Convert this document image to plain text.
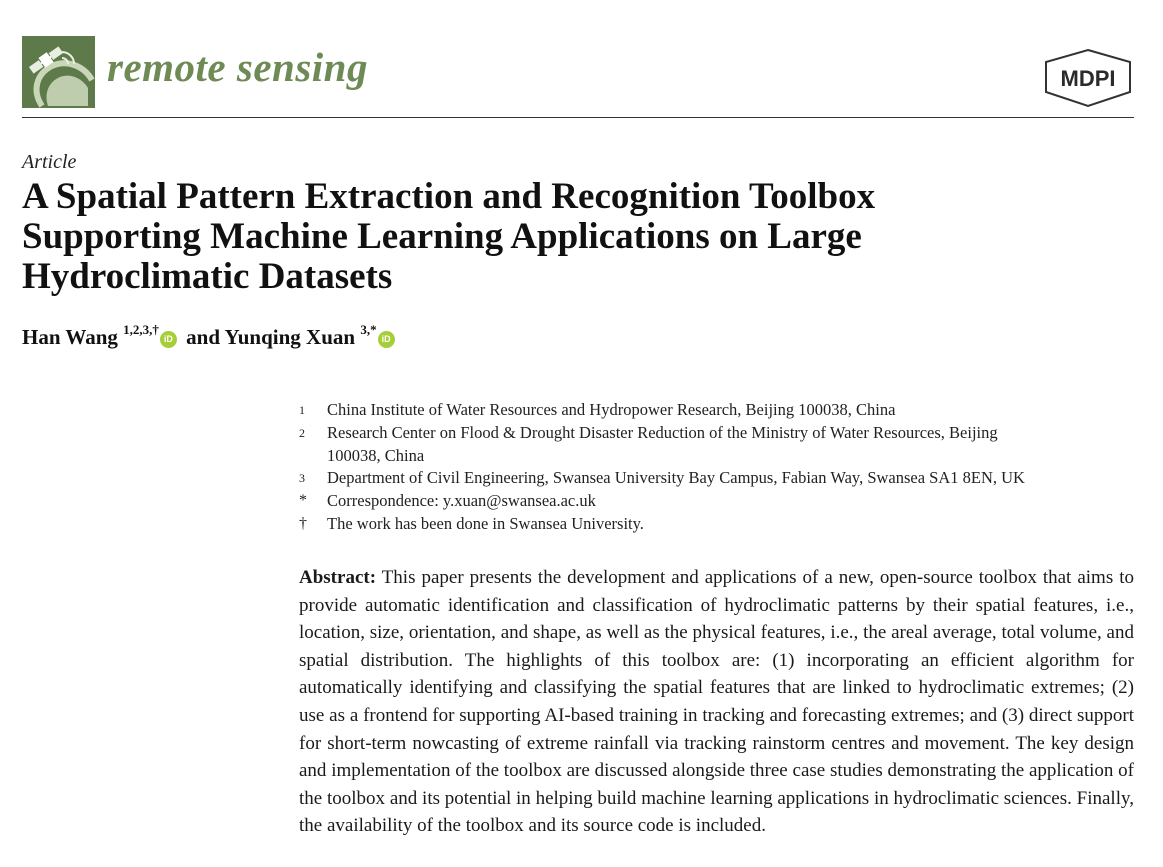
remote sensing	MDPI
Article
A Spatial Pattern Extraction and Recognition Toolbox Supporting Machine Learning Applications on Large Hydroclimatic Datasets
Han Wang $^{1,2,3,\dagger}$iD and Yunqing Xuan $^{3,*}$iD
1	China Institute of Water Resources and Hydropower Research, Beijing 100038, China
2	Research Center on Flood & Drought Disaster Reduction of the Ministry of Water Resources, Beijing 100038, China
3	Department of Civil Engineering, Swansea University Bay Campus, Fabian Way, Swansea SA1 8EN, UK
*	Correspondence: y.xuan@swansea.ac.uk
†	The work has been done in Swansea University.

Abstract: This paper presents the development and applications of a new, open-source toolbox that aims to provide automatic identification and classification of hydroclimatic patterns by their spatial features, i.e., location, size, orientation, and shape, as well as the physical features, i.e., the areal average, total volume, and spatial distribution. The highlights of this toolbox are: (1) incorporating an efficient algorithm for automatically identifying and classifying the spatial features that are linked to hydroclimatic extremes; (2) use as a frontend for supporting AI-based training in tracking and forecasting extremes; and (3) direct support for short-term nowcasting of extreme rainfall via tracking rainstorm centres and movement. The key design and implementation of the toolbox are discussed alongside three case studies demonstrating the application of the toolbox and its potential in helping build machine learning applications in hydroclimatic sciences. Finally, the availability of the toolbox and its source code is included.
